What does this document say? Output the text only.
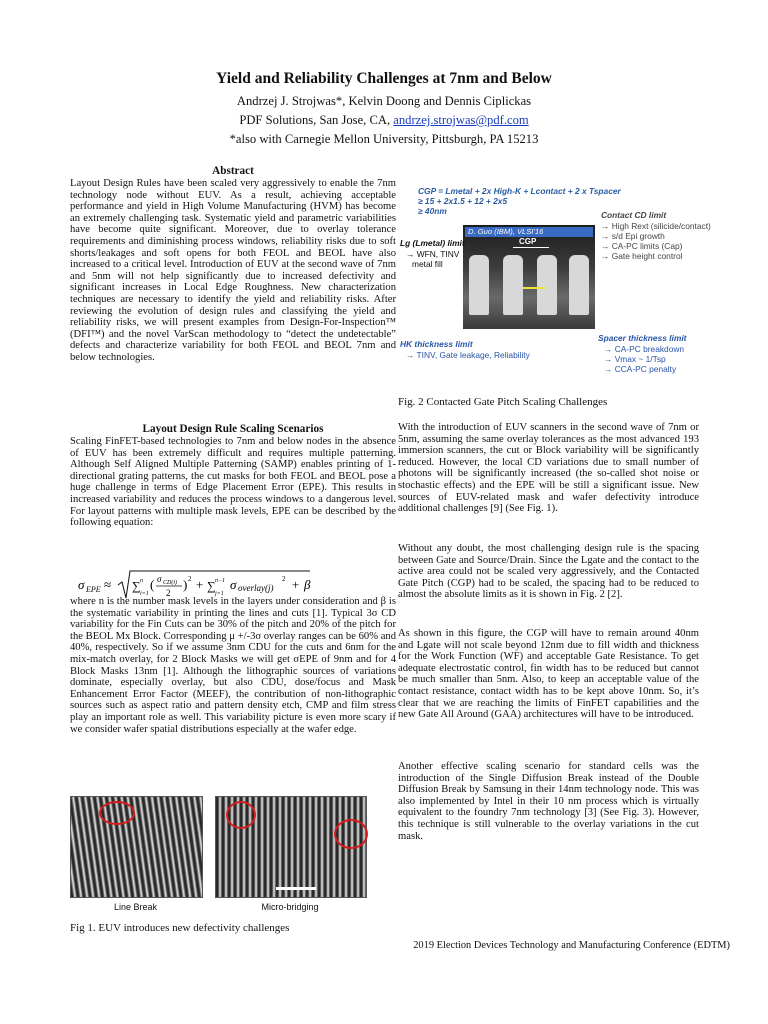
Yield and Reliability Challenges at 7nm and Below
Andrzej J. Strojwas*, Kelvin Doong and Dennis Ciplickas
PDF Solutions, San Jose, CA, andrzej.strojwas@pdf.com
*also with Carnegie Mellon University, Pittsburgh, PA 15213
Abstract

Layout Design Rules have been scaled very aggressively to enable the 7nm technology node without EUV. As a result, achieving acceptable performance and yield in High Volume Manufacturing (HVM) has become an extremely challenging task. Systematic yield and parametric variabilities have become quite significant. Moreover, due to overlay tolerance requirements and diminishing process windows, reliability risks due to soft shorts/leakages and soft opens for both FEOL and BEOL have also increased to a critical level. Introduction of EUV at the second wave of 7nm and 5nm will not help significantly due to increased defectivity and significant increases in Local Edge Roughness. New characterization techniques are necessary to identify the yield and reliability risks. After reviewing the evolution of design rules and classifying the yield and reliability risks, we will present examples from Design-For-Inspection™ (DFI™) and the novel VarScan methodology to “detect the undetectable” defects and characterize variability for both FEOL and BEOL 7nm and below technologies.

Layout Design Rule Scaling Scenarios

Scaling FinFET-based technologies to 7nm and below nodes in the absence of EUV has been extremely difficult and requires multiple patterning. Although Self Aligned Multiple Patterning (SAMP) enables printing of 1-directional grating patterns, the cut masks for both FEOL and BEOL pose a huge challenge in terms of Edge Placement Error (EPE). This results in increased variability and reduces the process windows to a dangerous level. For layout patterns with multiple mask levels, EPE can be described by the following equation:

σ EPE ≈ ∑ n
i=1
( σ CD(i)
2
) 2 + ∑ n−1
j=1
σ overlay(j)
2 + β

where n is the number mask levels in the layers under consideration and β is the systematic variability in printing the lines and cuts [1]. Typical 3σ CD variability for the Fin Cuts can be 30% of the pitch and 20% of the pitch for the BEOL Mx Block. Corresponding μ +/-3σ overlay ranges can be 60% and 40%, respectively. So if we assume 3nm CDU for the cuts and 6nm for the mix-match overlay, for 2 Block Masks we will get σEPE of 9nm and for 4 Block Masks 13nm [1]. Although the lithographic sources of variations dominate, especially overlay, but also CDU, dose/focus and Mask Enhancement Error Factor (MEEF), the contribution of non-lithographic sources such as aspect ratio and pattern density etch, CMP and film stress play an important role as well. This variability picture is even more scary if we consider wafer spatial distributions especially at the wafer edge.

Line Break	Micro-bridging
Fig 1. EUV introduces new defectivity challenges
CGP = Lmetal + 2x High-K + Lcontact + 2 x Tspacer
≥ 15 + 2x1.5 + 12 + 2x5
≥ 40nm
D. Guo (IBM), VLSI'16
CGP
Lg (Lmetal) limit
→ WFN, TINV
metal fill
Contact CD limit
→ High Rext (silicide/contact)
→ s/d Epi growth
→ CA-PC limits (Cap)
→ Gate height control
HK thickness limit
→ TINV, Gate leakage, Reliability
Spacer thickness limit
→ CA-PC breakdown
→ Vmax ~ 1/Tsp
→ CCA-PC penalty
Fig. 2 Contacted Gate Pitch Scaling Challenges

With the introduction of EUV scanners in the second wave of 7nm or 5nm, assuming the same overlay tolerances as the most advanced 193 immersion scanners, the cut or Block variability will be significantly reduced. However, the local CD variations due to small number of photons will be significantly increased (the so-called shot noise or stochastic effects) and the EPE will be still a significant issue. New sources of EUV-related mask and wafer defectivity introduce additional challenges [9] (See Fig. 1).

Without any doubt, the most challenging design rule is the spacing between Gate and Source/Drain. Since the Lgate and the contact to the active area could not be scaled very aggressively, and the Contacted Gate Pitch (CGP) had to be scaled, the spacing had to be reduced to almost the absolute limits as it is shown in Fig. 2 [2].

As shown in this figure, the CGP will have to remain around 40nm and Lgate will not scale beyond 12nm due to fill width and thickness for the Work Function (WF) and acceptable Gate Resistance. To get adequate electrostatic control, fin width has to be reduced but cannot be much smaller than 5nm. Also, to keep an acceptable value of the contact resistance, contact width has to be kept above 10nm. So, it’s clear that we are reaching the limits of FinFET capabilities and the new Gate All Around (GAA) architectures will have to be introduced.

Another effective scaling scenario for standard cells was the introduction of the Single Diffusion Break instead of the Double Diffusion Break by Samsung in their 14nm technology node. This was also implemented by Intel in their 10 nm process which is virtually equivalent to the foundry 7nm technology [3] (See Fig. 3). However, this technique is still vulnerable to the overlay variations in the cut mask.

2019 Election Devices Technology and Manufacturing Conference (EDTM)
